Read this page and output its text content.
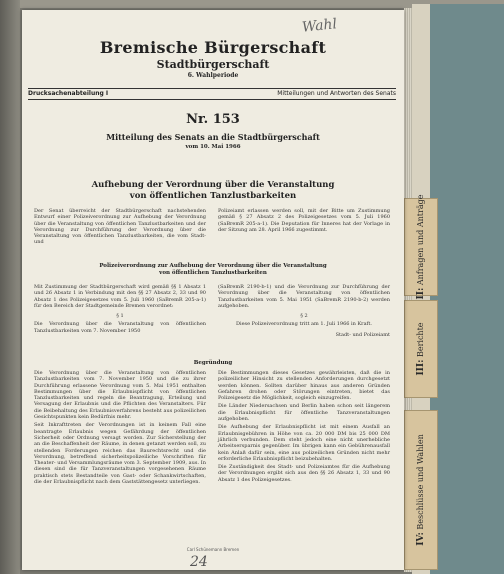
II: Anfragen und Anträge
III: Berichte
IV: Beschlüsse und Wahlen
Wahl
Bremische Bürgerschaft
Stadtbürgerschaft
6. Wahlperiode
Drucksachenabteilung I	Mitteilungen und Antworten des Senats
Nr. 153
Mitteilung des Senats an die Stadtbürgerschaft
vom 10. Mai 1966
Aufhebung der Verordnung über die Veranstaltung
von öffentlichen Tanzlustbarkeiten

Der Senat überreicht der Stadtbürgerschaft nachstehenden Entwurf einer Polizeiverordnung zur Aufhebung der Verordnung über die Veranstaltung von öffentlichen Tanzlustbarkeiten und der Verordnung zur Durchführung der Verordnung über die Veranstaltung von öffentlichen Tanzlustbarkeiten, die vom Stadt- und

Polizeiamt erlassen werden soll, mit der Bitte um Zustimmung gemäß § 27 Absatz 2 des Polizeigesetzes vom 5. Juli 1960 (SaBremR 205-a-1). Die Deputation für Inneres hat der Vorlage in der Sitzung am 28. April 1966 zugestimmt.

Polizeiverordnung zur Aufhebung der Verordnung über die Veranstaltung
von öffentlichen Tanzlustbarkeiten

Mit Zustimmung der Stadtbürgerschaft wird gemäß §§ 1 Absatz 1 und 26 Absatz 1 in Verbindung mit den §§ 27 Absatz 2, 33 und 90 Absatz 1 des Polizeigesetzes vom 5. Juli 1960 (SaBremR 205-a-1) für den Bereich der Stadtgemeinde Bremen verordnet:

§ 1

Die Verordnung über die Veranstaltung von öffentlichen Tanzlustbarkeiten vom 7. November 1950

(SaBremR 2190-b-1) und die Verordnung zur Durchführung der Verordnung über die Veranstaltung von öffentlichen Tanzlustbarkeiten vom 5. Mai 1951 (SaBremR 2190-b-2) werden aufgehoben.

§ 2

Diese Polizeiverordnung tritt am 1. Juli 1966 in Kraft.

Stadt- und Polizeiamt

Begründung

Die Verordnung über die Veranstaltung von öffentlichen Tanzlustbarkeiten vom 7. November 1950 und die zu ihrer Durchführung erlassene Verordnung vom 5. Mai 1951 enthalten Bestimmungen über die Erlaubnispflicht von öffentlichen Tanzlustbarkeiten und regeln die Beantragung, Erteilung und Versagung der Erlaubnis und die Pflichten des Veranstalters. Für die Beibehaltung des Erlaubnisverfahrens besteht aus polizeilichen Gesichtspunkten kein Bedürfnis mehr.

Seit Inkrafttreten der Verordnungen ist in keinem Fall eine beantragte Erlaubnis wegen Gefährdung der öffentlichen Sicherheit oder Ordnung versagt worden. Zur Sicherstellung der an die Beschaffenheit der Räume, in denen getanzt werden soll, zu stellenden Forderungen reichen das Baurechtsrecht und die Verordnung, betreffend sicherheitspolizeiliche Vorschriften für Theater- und Versammlungsräume vom 3. September 1909, aus. In diesen sind die für Tanzveranstaltungen vorgesehenen Räume praktisch stets Bestandteile von Gast- oder Schankwirtschaften, die der Erlaubnispflicht nach dem Gaststättengesetz unterliegen.

Die Bestimmungen dieses Gesetzes gewährleisten, daß die in polizeilicher Hinsicht zu stellenden Anforderungen durchgesetzt werden können. Sollten darüber hinaus aus anderen Gründen Gefahren drohen oder Störungen eintreten, bietet das Polizeigesetz die Möglichkeit, sogleich einzugreifen.

Die Länder Niedersachsen und Berlin haben schon seit längerem die Erlaubnispflicht für öffentliche Tanzveranstaltungen aufgehoben.

Die Aufhebung der Erlaubnispflicht ist mit einem Ausfall an Erlaubnisgebühren in Höhe von ca. 20 000 DM bis 25 000 DM jährlich verbunden. Dem steht jedoch eine nicht unerhebliche Arbeitsersparnis gegenüber. Im übrigen kann ein Gebührenausfall kein Anlaß dafür sein, eine aus polizeilichen Gründen nicht mehr erforderliche Erlaubnispflicht beizubehalten.

Die Zuständigkeit des Stadt- und Polizeiamtes für die Aufhebung der Verordnungen ergibt sich aus den §§ 26 Absatz 1, 33 und 90 Absatz 1 des Polizeigesetzes.

Carl Schünemann Bremen
24
